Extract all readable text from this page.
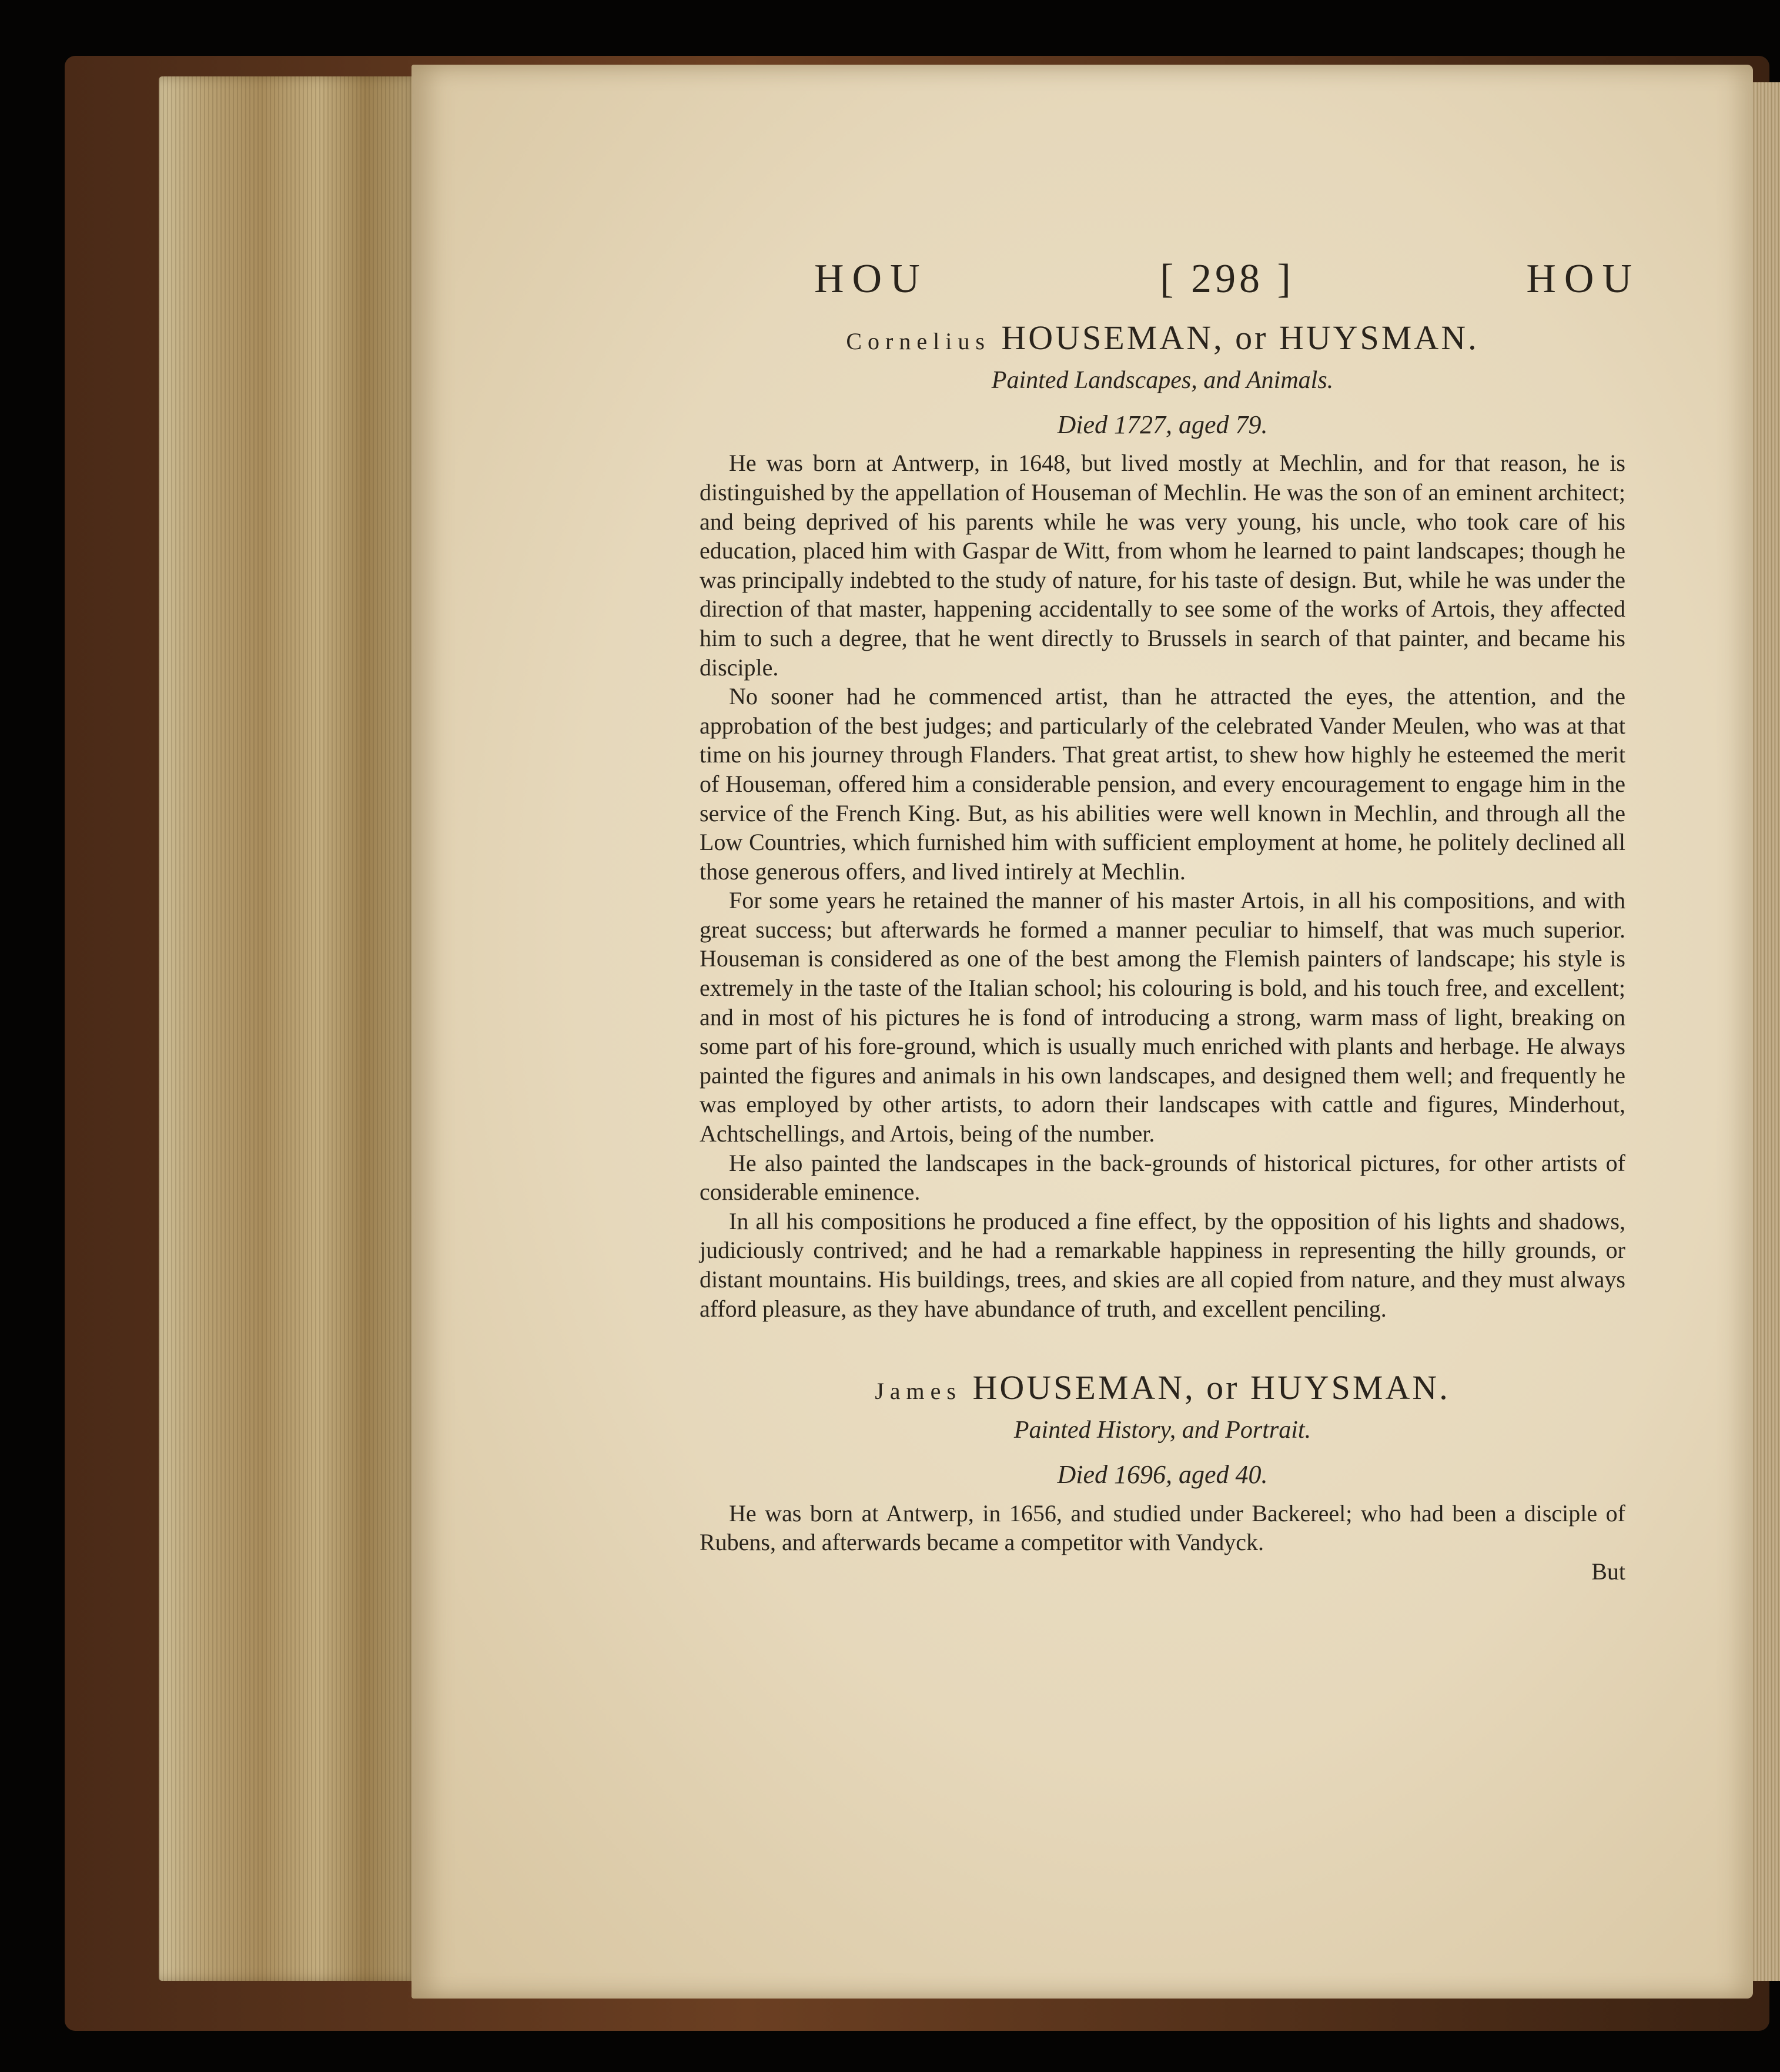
HOU	[ 298 ]	HOU
Cornelius HOUSEMAN, or HUYSMAN.
Painted Landscapes, and Animals.
Died 1727, aged 79.

He was born at Antwerp, in 1648, but lived mostly at Mechlin, and for that reason, he is distinguished by the appellation of Houseman of Mechlin. He was the son of an eminent architect; and being deprived of his parents while he was very young, his uncle, who took care of his education, placed him with Gaspar de Witt, from whom he learned to paint landscapes; though he was principally indebted to the study of nature, for his taste of design. But, while he was under the direction of that master, happening accidentally to see some of the works of Artois, they affected him to such a degree, that he went directly to Brussels in search of that painter, and became his disciple.

No sooner had he commenced artist, than he attracted the eyes, the attention, and the approbation of the best judges; and particularly of the celebrated Vander Meulen, who was at that time on his journey through Flanders. That great artist, to shew how highly he esteemed the merit of Houseman, offered him a considerable pension, and every encouragement to engage him in the service of the French King. But, as his abilities were well known in Mechlin, and through all the Low Countries, which furnished him with sufficient employment at home, he politely declined all those generous offers, and lived intirely at Mechlin.

For some years he retained the manner of his master Artois, in all his compositions, and with great success; but afterwards he formed a manner peculiar to himself, that was much superior. Houseman is considered as one of the best among the Flemish painters of landscape; his style is extremely in the taste of the Italian school; his colouring is bold, and his touch free, and excellent; and in most of his pictures he is fond of introducing a strong, warm mass of light, breaking on some part of his fore-ground, which is usually much enriched with plants and herbage. He always painted the figures and animals in his own landscapes, and designed them well; and frequently he was employed by other artists, to adorn their landscapes with cattle and figures, Minderhout, Achtschellings, and Artois, being of the number.

He also painted the landscapes in the back-grounds of historical pictures, for other artists of considerable eminence.

In all his compositions he produced a fine effect, by the opposition of his lights and shadows, judiciously contrived; and he had a remarkable happiness in representing the hilly grounds, or distant mountains. His buildings, trees, and skies are all copied from nature, and they must always afford pleasure, as they have abundance of truth, and excellent penciling.

James HOUSEMAN, or HUYSMAN.
Painted History, and Portrait.
Died 1696, aged 40.

He was born at Antwerp, in 1656, and studied under Backereel; who had been a disciple of Rubens, and afterwards became a competitor with Vandyck.

But
